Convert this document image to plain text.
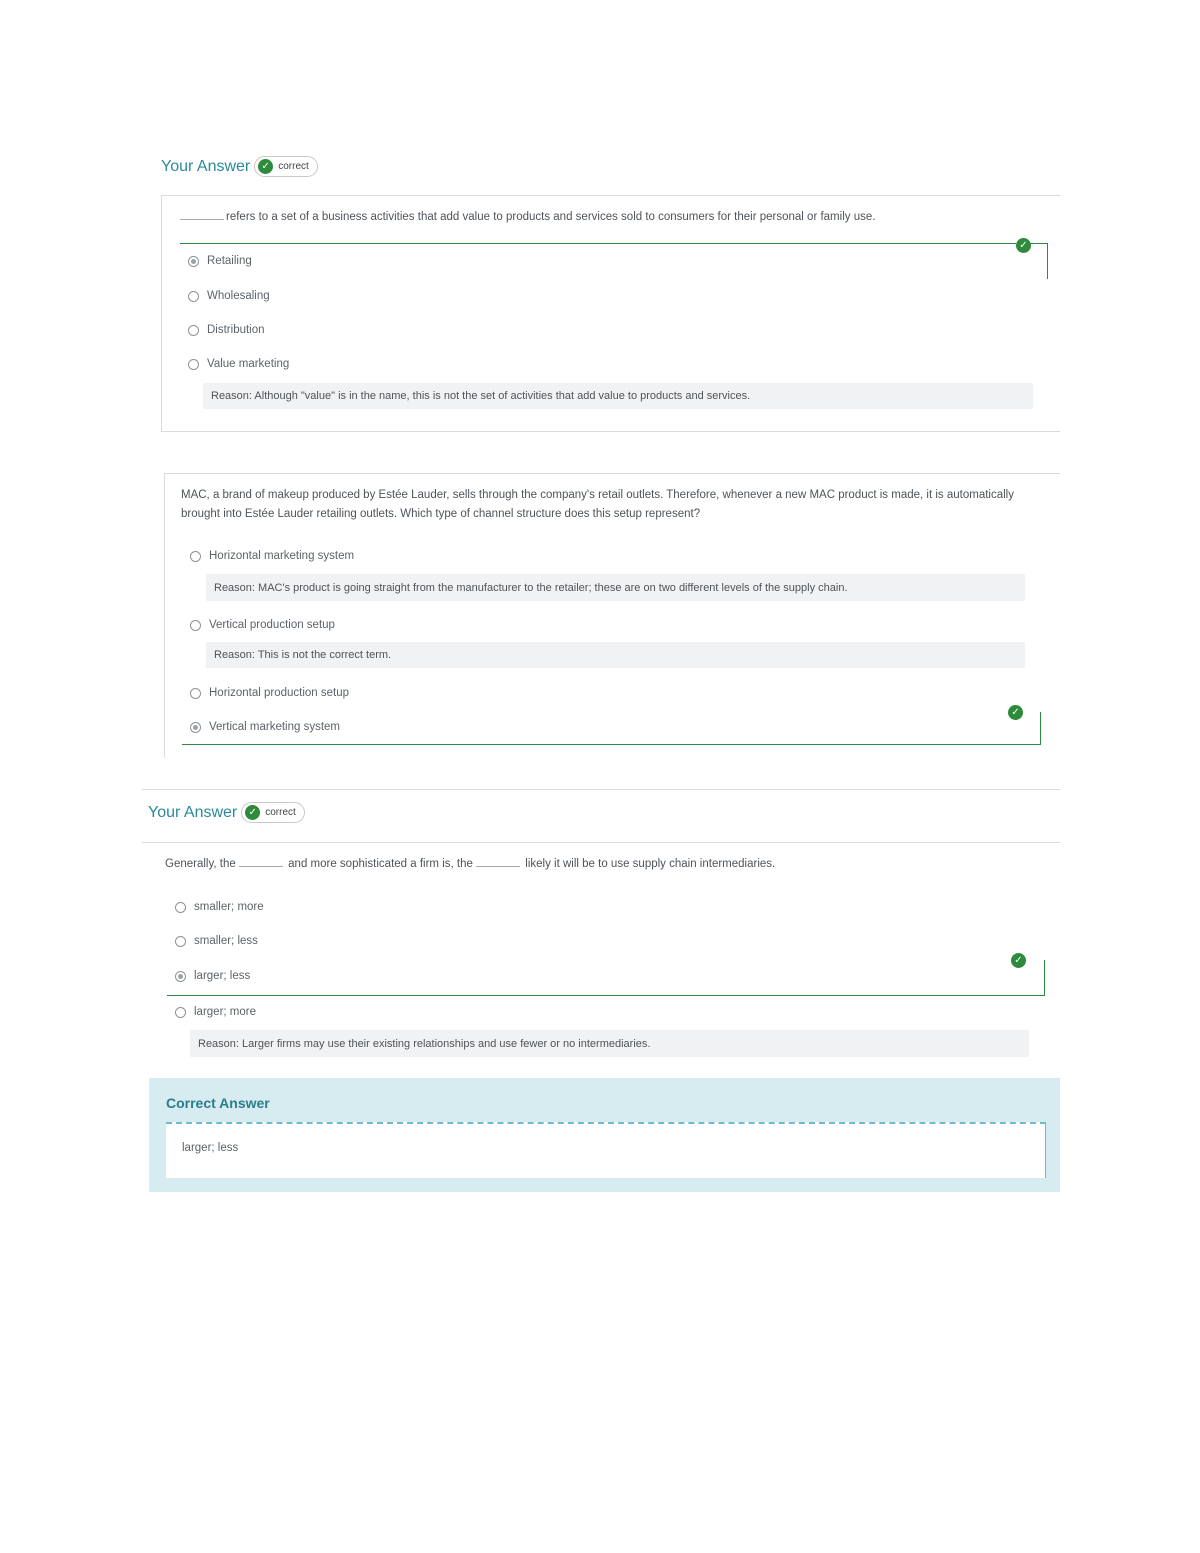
Your Answer	✓ correct
refers to a set of a business activities that add value to products and services sold to consumers for their personal or family use.
✓
Retailing
Wholesaling
Distribution
Value marketing
Reason: Although "value" is in the name, this is not the set of activities that add value to products and services.
MAC, a brand of makeup produced by Estée Lauder, sells through the company's retail outlets. Therefore, whenever a new MAC product is made, it is automatically brought into Estée Lauder retailing outlets. Which type of channel structure does this setup represent?
Horizontal marketing system
Reason: MAC's product is going straight from the manufacturer to the retailer; these are on two different levels of the supply chain.
Vertical production setup
Reason: This is not the correct term.
Horizontal production setup
✓
Vertical marketing system
Your Answer	✓ correct
Generally, the	and more sophisticated a firm is, the	likely it will be to use supply chain intermediaries.
smaller; more
smaller; less
✓
larger; less
larger; more
Reason: Larger firms may use their existing relationships and use fewer or no intermediaries.
Correct Answer
larger; less
